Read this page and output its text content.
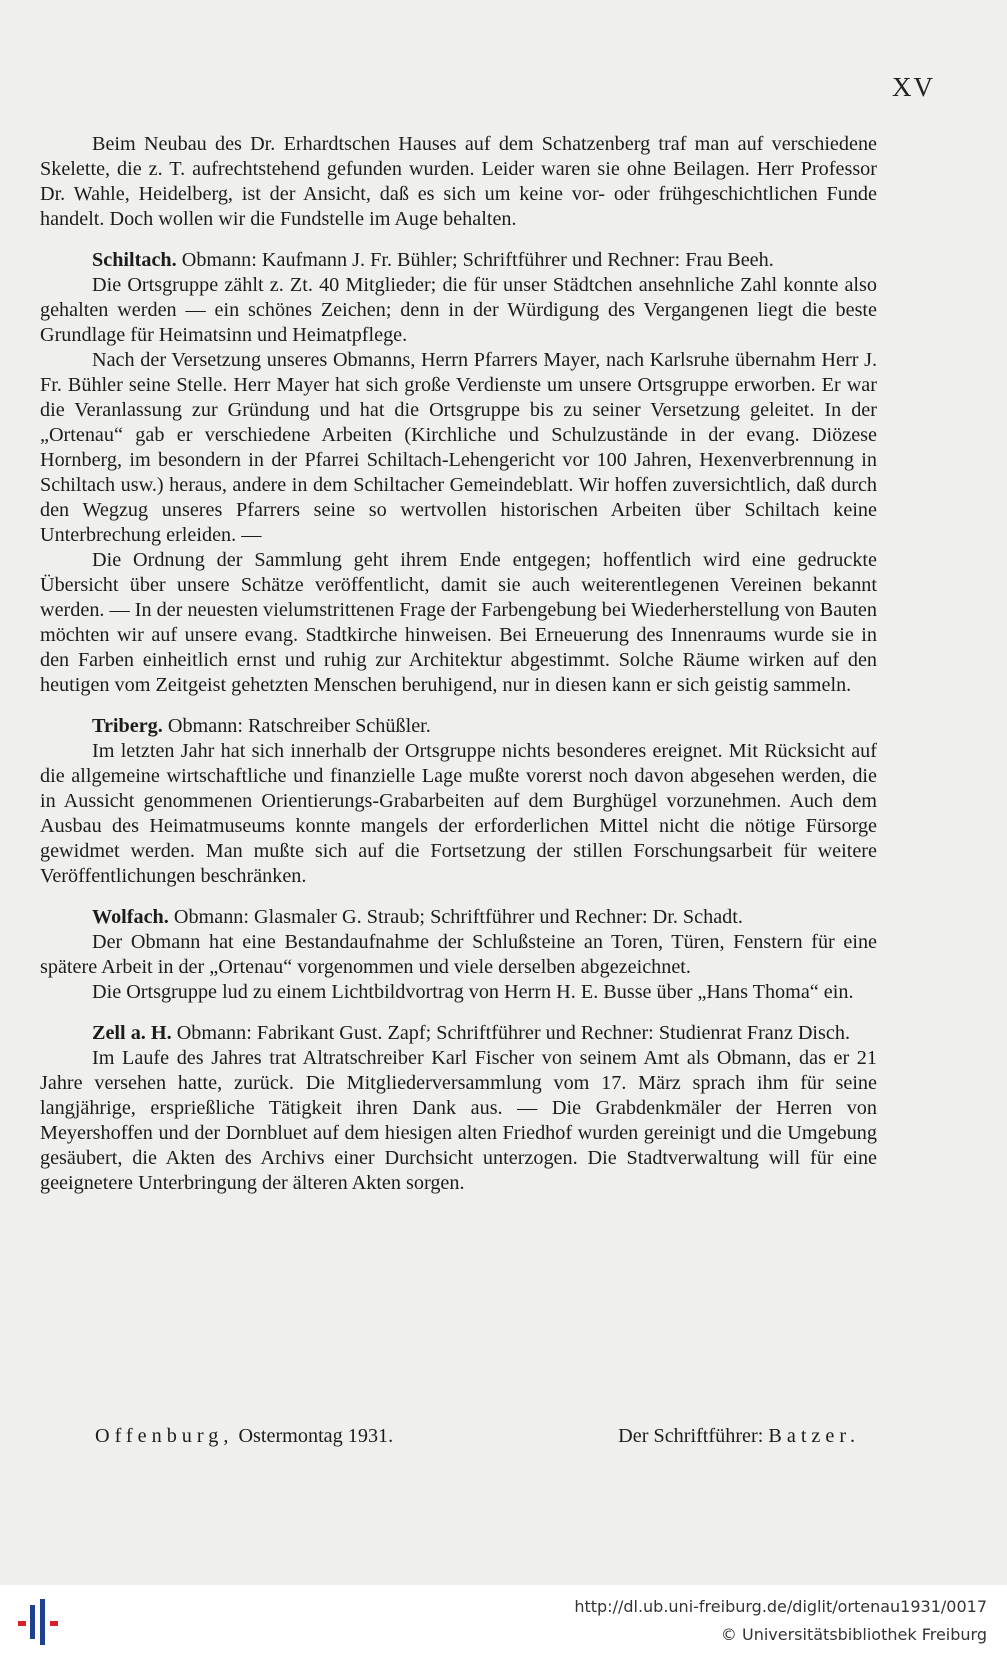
XV

Beim Neubau des Dr. Erhardtschen Hauses auf dem Schatzenberg traf man auf verschiedene Skelette, die z. T. aufrechtstehend gefunden wurden. Leider waren sie ohne Beilagen. Herr Professor Dr. Wahle, Heidelberg, ist der Ansicht, daß es sich um keine vor- oder frühgeschichtlichen Funde handelt. Doch wollen wir die Fundstelle im Auge behalten.

Schiltach. Obmann: Kaufmann J. Fr. Bühler; Schriftführer und Rechner: Frau Beeh.

Die Ortsgruppe zählt z. Zt. 40 Mitglieder; die für unser Städtchen ansehnliche Zahl konnte also gehalten werden — ein schönes Zeichen; denn in der Würdigung des Vergangenen liegt die beste Grundlage für Heimatsinn und Heimatpflege.

Nach der Versetzung unseres Obmanns, Herrn Pfarrers Mayer, nach Karlsruhe übernahm Herr J. Fr. Bühler seine Stelle. Herr Mayer hat sich große Verdienste um unsere Ortsgruppe erworben. Er war die Veranlassung zur Gründung und hat die Ortsgruppe bis zu seiner Versetzung geleitet. In der „Ortenau“ gab er verschiedene Arbeiten (Kirchliche und Schulzustände in der evang. Diözese Hornberg, im besondern in der Pfarrei Schiltach-Lehengericht vor 100 Jahren, Hexenverbrennung in Schiltach usw.) heraus, andere in dem Schiltacher Gemeindeblatt. Wir hoffen zuversichtlich, daß durch den Wegzug unseres Pfarrers seine so wertvollen historischen Arbeiten über Schiltach keine Unterbrechung erleiden. —

Die Ordnung der Sammlung geht ihrem Ende entgegen; hoffentlich wird eine gedruckte Übersicht über unsere Schätze veröffentlicht, damit sie auch weiterentlegenen Vereinen bekannt werden. — In der neuesten vielumstrittenen Frage der Farbengebung bei Wiederherstellung von Bauten möchten wir auf unsere evang. Stadtkirche hinweisen. Bei Erneuerung des Innenraums wurde sie in den Farben einheitlich ernst und ruhig zur Architektur abgestimmt. Solche Räume wirken auf den heutigen vom Zeitgeist gehetzten Menschen beruhigend, nur in diesen kann er sich geistig sammeln.

Triberg. Obmann: Ratschreiber Schüßler.

Im letzten Jahr hat sich innerhalb der Ortsgruppe nichts besonderes ereignet. Mit Rücksicht auf die allgemeine wirtschaftliche und finanzielle Lage mußte vorerst noch davon abgesehen werden, die in Aussicht genommenen Orientierungs-Grabarbeiten auf dem Burghügel vorzunehmen. Auch dem Ausbau des Heimatmuseums konnte mangels der erforderlichen Mittel nicht die nötige Fürsorge gewidmet werden. Man mußte sich auf die Fortsetzung der stillen Forschungsarbeit für weitere Veröffentlichungen beschränken.

Wolfach. Obmann: Glasmaler G. Straub; Schriftführer und Rechner: Dr. Schadt.

Der Obmann hat eine Bestandaufnahme der Schlußsteine an Toren, Türen, Fenstern für eine spätere Arbeit in der „Ortenau“ vorgenommen und viele derselben abgezeichnet.

Die Ortsgruppe lud zu einem Lichtbildvortrag von Herrn H. E. Busse über „Hans Thoma“ ein.

Zell a. H. Obmann: Fabrikant Gust. Zapf; Schriftführer und Rechner: Studienrat Franz Disch.

Im Laufe des Jahres trat Altratschreiber Karl Fischer von seinem Amt als Obmann, das er 21 Jahre versehen hatte, zurück. Die Mitgliederversammlung vom 17. März sprach ihm für seine langjährige, ersprießliche Tätigkeit ihren Dank aus. — Die Grabdenkmäler der Herren von Meyershoffen und der Dornbluet auf dem hiesigen alten Friedhof wurden gereinigt und die Umgebung gesäubert, die Akten des Archivs einer Durchsicht unterzogen. Die Stadtverwaltung will für eine geeignetere Unterbringung der älteren Akten sorgen.

Offenburg, Ostermontag 1931.	Der Schriftführer: Batzer.
http://dl.ub.uni-freiburg.de/diglit/ortenau1931/0017
© Universitätsbibliothek Freiburg
